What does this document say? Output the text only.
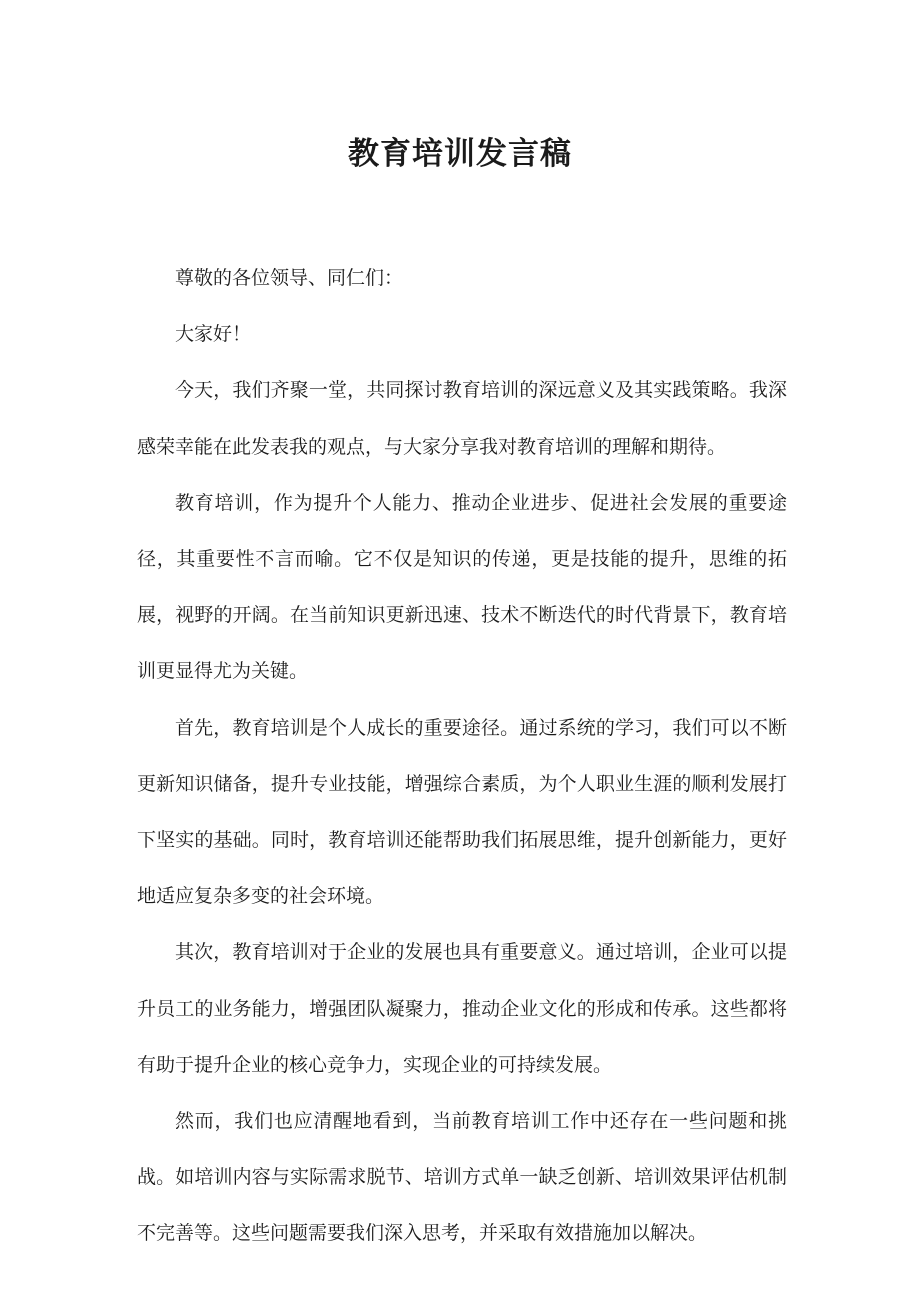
教育培训发言稿

尊敬的各位领导、同仁们：

大家好！

今天，我们齐聚一堂，共同探讨教育培训的深远意义及其实践策略。我深感荣幸能在此发表我的观点，与大家分享我对教育培训的理解和期待。

教育培训，作为提升个人能力、推动企业进步、促进社会发展的重要途径，其重要性不言而喻。它不仅是知识的传递，更是技能的提升，思维的拓展，视野的开阔。在当前知识更新迅速、技术不断迭代的时代背景下，教育培训更显得尤为关键。

首先，教育培训是个人成长的重要途径。通过系统的学习，我们可以不断更新知识储备，提升专业技能，增强综合素质，为个人职业生涯的顺利发展打下坚实的基础。同时，教育培训还能帮助我们拓展思维，提升创新能力，更好地适应复杂多变的社会环境。

其次，教育培训对于企业的发展也具有重要意义。通过培训，企业可以提升员工的业务能力，增强团队凝聚力，推动企业文化的形成和传承。这些都将有助于提升企业的核心竞争力，实现企业的可持续发展。

然而，我们也应清醒地看到，当前教育培训工作中还存在一些问题和挑战。如培训内容与实际需求脱节、培训方式单一缺乏创新、培训效果评估机制不完善等。这些问题需要我们深入思考，并采取有效措施加以解决。
